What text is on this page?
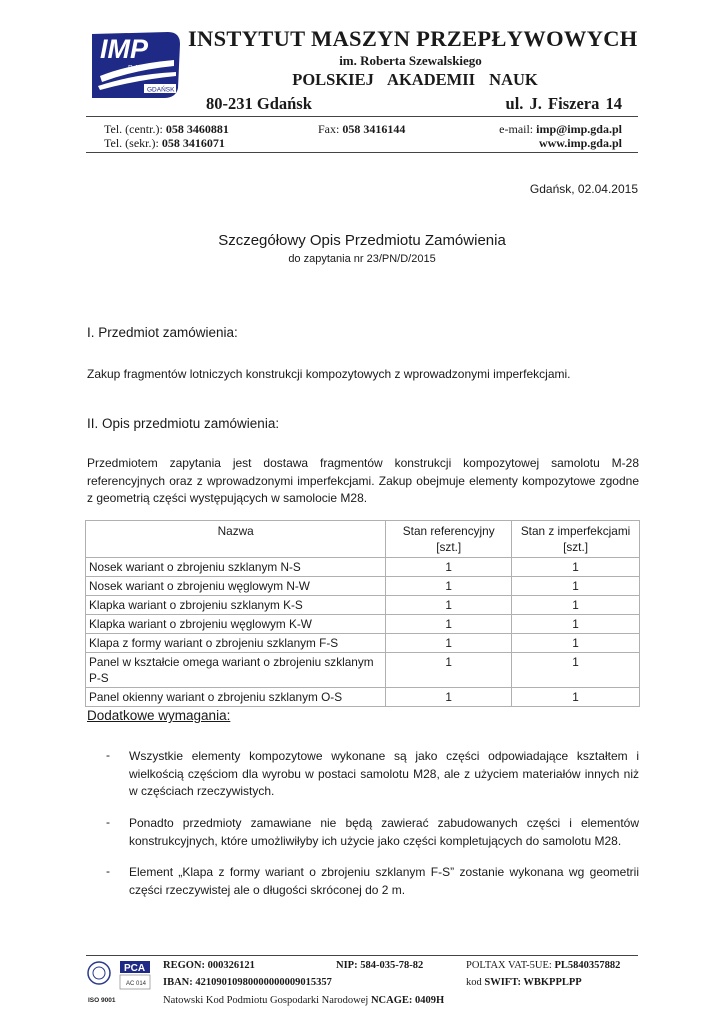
IMP
P A N
GDAŃSK
INSTYTUT MASZYN PRZEPŁYWOWYCH
im. Roberta Szewalskiego
POLSKIEJ AKADEMII NAUK
80-231 Gdańsk	ul. J. Fiszera 14
Tel. (centr.): 058 3460881
Tel. (sekr.): 058 3416071
Fax: 058 3416144	e-mail: imp@imp.gda.pl
www.imp.gda.pl
Gdańsk, 02.04.2015
Szczegółowy Opis Przedmiotu Zamówienia
do zapytania nr 23/PN/D/2015
I. Przedmiot zamówienia:
Zakup fragmentów lotniczych konstrukcji kompozytowych z wprowadzonymi imperfekcjami.
II. Opis przedmiotu zamówienia:
Przedmiotem zapytania jest dostawa fragmentów konstrukcji kompozytowej samolotu M-28 referencyjnych oraz z wprowadzonymi imperfekcjami. Zakup obejmuje elementy kompozytowe zgodne z geometrią części występujących w samolocie M28.
Nazwa	Stan referencyjny [szt.]	Stan z imperfekcjami [szt.]
Nosek wariant o zbrojeniu szklanym N-S	1	1
Nosek wariant o zbrojeniu węglowym N-W	1	1
Klapka wariant o zbrojeniu szklanym K-S	1	1
Klapka wariant o zbrojeniu węglowym K-W	1	1
Klapa z formy wariant o zbrojeniu szklanym F-S	1	1
Panel w kształcie omega wariant o zbrojeniu szklanym P-S	1	1
Panel okienny wariant o zbrojeniu szklanym O-S	1	1
Dodatkowe wymagania:
- Wszystkie elementy kompozytowe wykonane są jako części odpowiadające kształtem i wielkością częściom dla wyrobu w postaci samolotu M28, ale z użyciem materiałów innych niż w częściach rzeczywistych.
- Ponadto przedmioty zamawiane nie będą zawierać zabudowanych części i elementów konstrukcyjnych, które umożliwiłyby ich użycie jako części kompletujących do samolotu M28.
- Element „Klapa z formy wariant o zbrojeniu szklanym F-S” zostanie wykonana wg geometrii części rzeczywistej ale o długości skróconej do 2 m.
ISO 9001
PCA
AC 014
REGON: 000326121	NIP: 584-035-78-82	POLTAX VAT-5UE: PL5840357882
IBAN: 42109010980000000009015357	kod SWIFT: WBKPPLPP
Natowski Kod Podmiotu Gospodarki Narodowej NCAGE: 0409H
